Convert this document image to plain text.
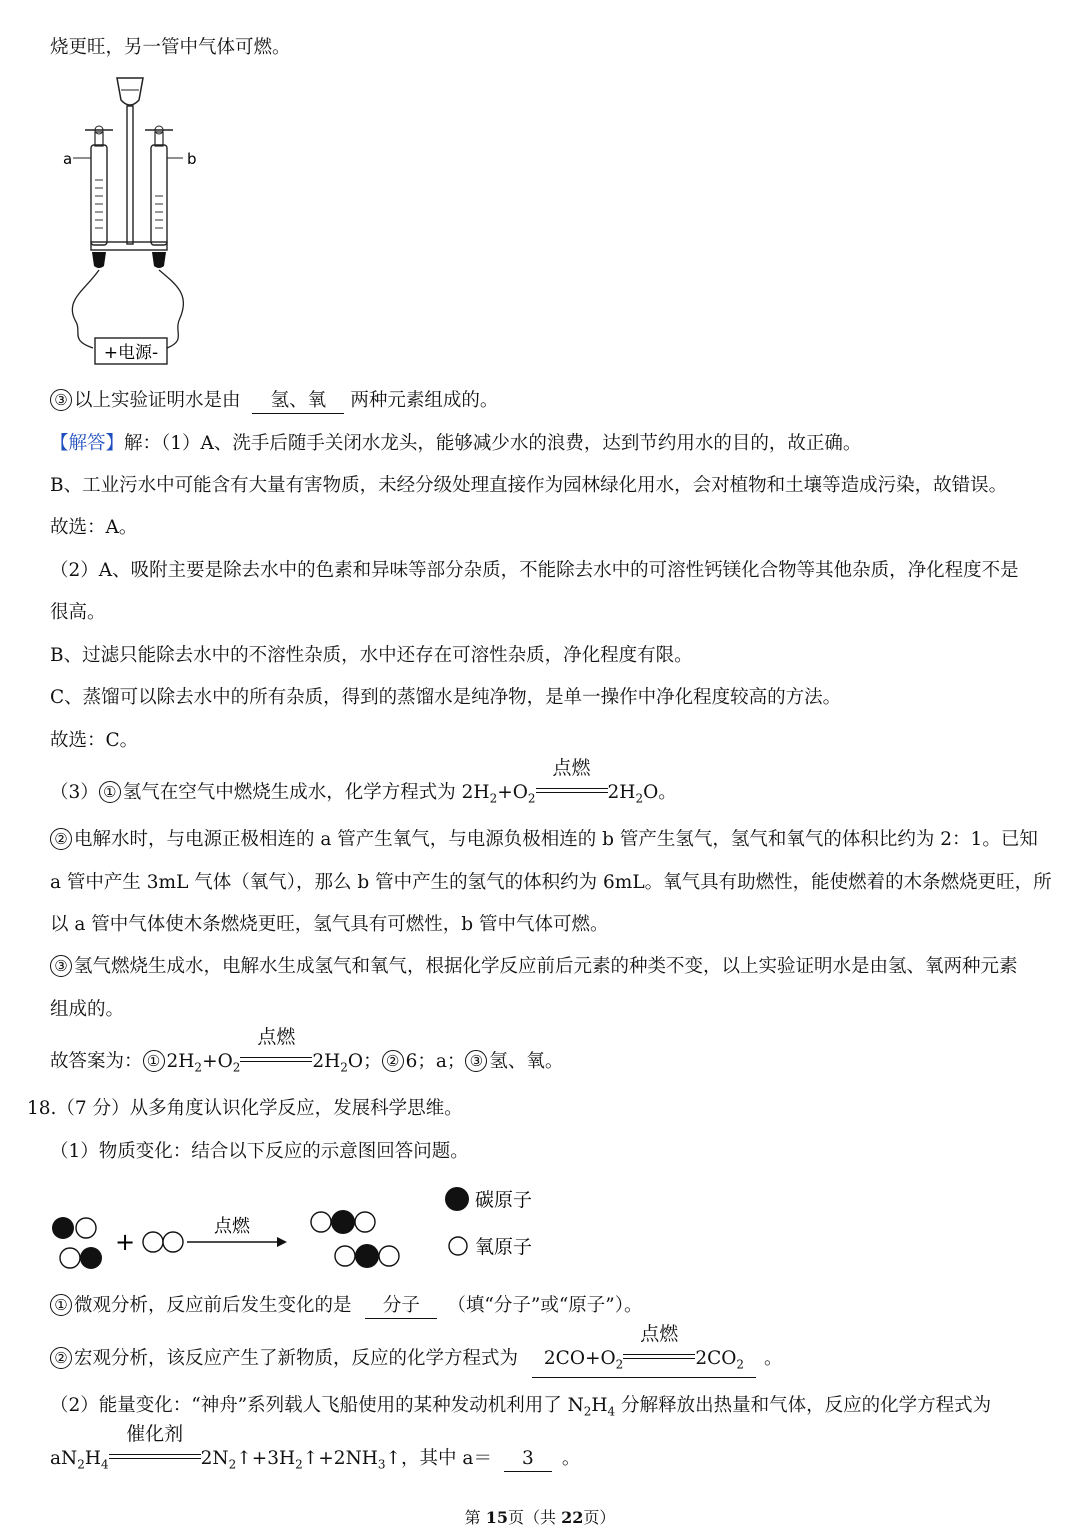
烧更旺，另一管中气体可燃。
a	b
+电源-
③ 以上实验证明水是由 氢、氧 两种元素组成的。
【解答】解：（1）A、洗手后随手关闭水龙头，能够减少水的浪费，达到节约用水的目的，故正确。
B、工业污水中可能含有大量有害物质，未经分级处理直接作为园林绿化用水，会对植物和土壤等造成污染，故错误。
故选：A。
（2）A、吸附主要是除去水中的色素和异味等部分杂质，不能除去水中的可溶性钙镁化合物等其他杂质，净化程度不是
很高。
B、过滤只能除去水中的不溶性杂质，水中还存在可溶性杂质，净化程度有限。
C、蒸馏可以除去水中的所有杂质，得到的蒸馏水是纯净物，是单一操作中净化程度较高的方法。
故选：C。
（3） ① 氢气在空气中燃烧生成水，化学方程式为 $2H_2+O_2$
点燃
$2H_2O$。
② 电解水时，与电源正极相连的 a 管产生氧气，与电源负极相连的 b 管产生氢气，氢气和氧气的体积比约为 2：1。已知
a 管中产生 3mL 气体（氧气），那么 b 管中产生的氢气的体积约为 6mL。氧气具有助燃性，能使燃着的木条燃烧更旺，所
以 a 管中气体使木条燃烧更旺，氢气具有可燃性，b 管中气体可燃。
③ 氢气燃烧生成水，电解水生成氢气和氧气，根据化学反应前后元素的种类不变，以上实验证明水是由氢、氧两种元素
组成的。
故答案为： ① $2H_2+O_2$
点燃
$2H_2O$； ② 6；a； ③ 氢、氧。
18.（7 分）从多角度认识化学反应，发展科学思维。
（1）物质变化：结合以下反应的示意图回答问题。
+
点燃
碳原子
氧原子
① 微观分析，反应前后发生变化的是 分子 （填“分子”或“原子”）。
② 宏观分析，该反应产生了新物质，反应的化学方程式为 $2CO+O_2$
点燃
$2CO_2$ 。
（2）能量变化：“神舟”系列载人飞船使用的某种发动机利用了 $N_2H_4$ 分解释放出热量和气体，反应的化学方程式为
$aN_2H_4$
催化剂
$2N_2↑+3H_2↑+2NH_3↑$，其中 a＝ 3 。
第 15页（共 22页）
